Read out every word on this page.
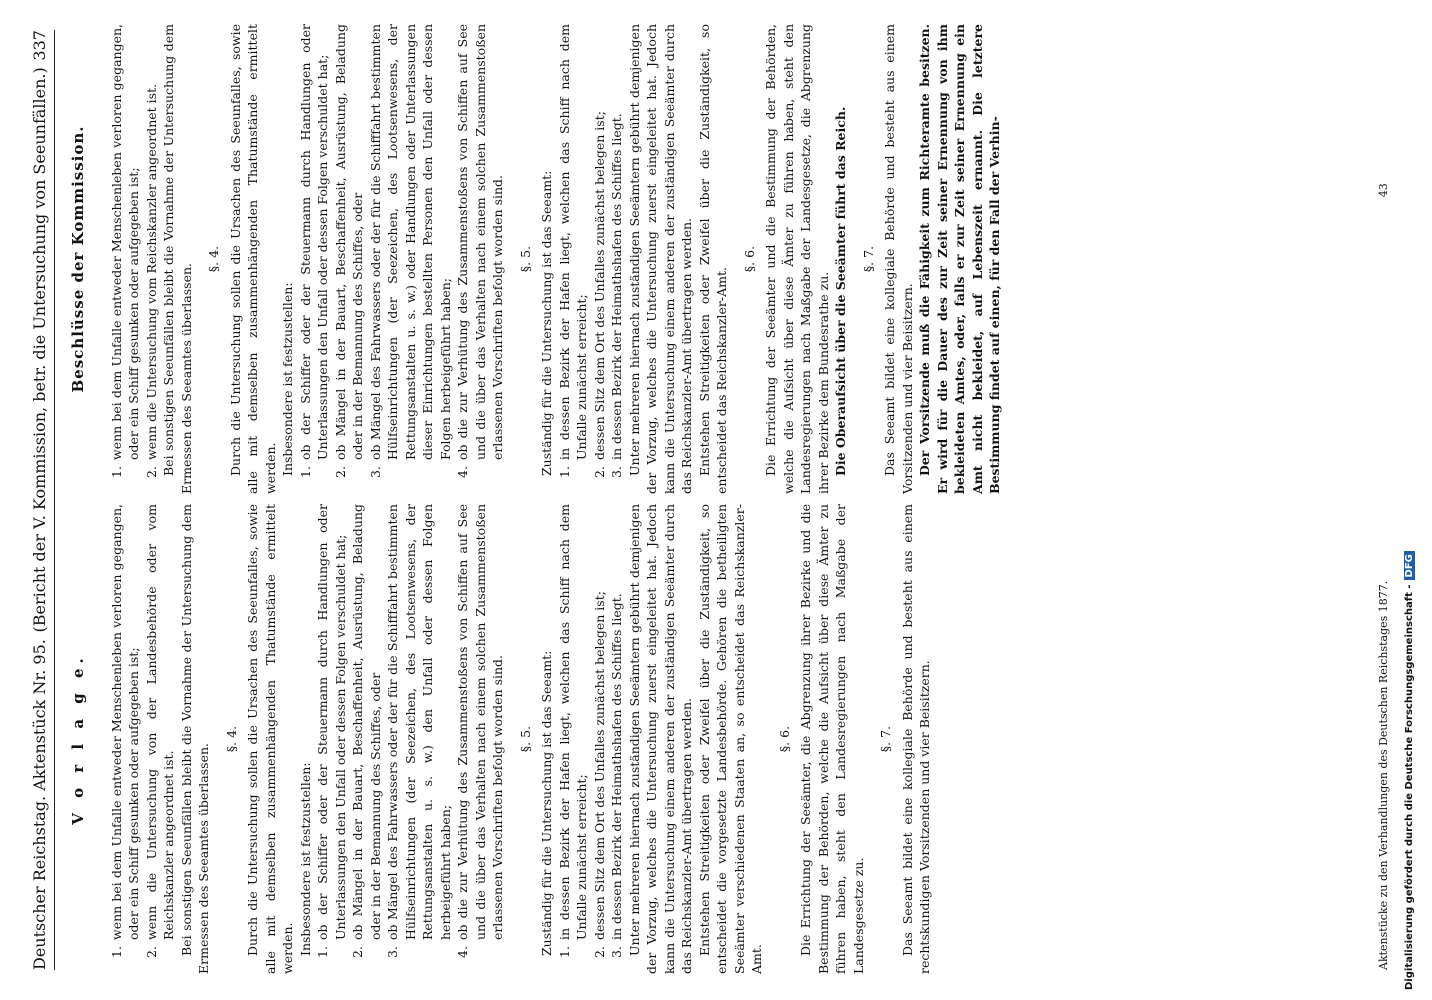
Deutscher Reichstag. Aktenstück Nr. 95.
(Bericht der V. Kommission, betr. die Untersuchung von Seeunfällen.)
337
V o r l a g e.
1.
wenn bei dem Unfalle entweder Menschenleben verloren gegangen, oder ein Schiff gesunken oder aufgegeben ist;
2.
wenn die Untersuchung von der Landesbehörde oder vom Reichskanzler angeordnet ist. Bei sonstigen Seeunfällen bleibt die Vornahme der Untersuchung dem Ermessen des Seeamtes überlassen.

§. 4. Durch die Untersuchung sollen die Ursachen des Seeunfalles, sowie alle mit demselben zusammenhängenden Thatumstände ermittelt werden. Insbesondere ist festzustellen: 1.
ob der Schiffer oder der Steuermann durch Handlungen oder Unterlassungen den Unfall oder dessen Folgen verschuldet hat;
2.
ob Mängel in der Bauart, Beschaffenheit, Ausrüstung, Beladung oder in der Bemannung des Schiffes, oder
3.
ob Mängel des Fahrwassers oder der für die Schifffahrt bestimmten Hülfseinrichtungen (der Seezeichen, des Lootsenwesens, der Rettungsanstalten u. s. w.) den Unfall oder dessen Folgen herbeigeführt haben;
4.
ob die zur Verhütung des Zusammenstoßens von Schiffen auf See und die über das Verhalten nach einem solchen Zusammenstoßen erlassenen Vorschriften befolgt worden sind. §. 5. Zuständig für die Untersuchung ist das Seeamt: 1.
in dessen Bezirk der Hafen liegt, welchen das Schiff nach dem Unfalle zunächst erreicht;
2.
dessen Sitz dem Ort des Unfalles zunächst belegen ist;
3.
in dessen Bezirk der Heimathshafen des Schiffes liegt. Unter mehreren hiernach zuständigen Seeämtern gebührt demjenigen der Vorzug, welches die Untersuchung zuerst eingeleitet hat. Jedoch kann die Untersuchung einem anderen der zuständigen Seeämter durch das Reichskanzler-Amt übertragen werden. Entstehen Streitigkeiten oder Zweifel über die Zuständigkeit, so entscheidet die vorgesetzte Landesbehörde. Gehören die betheiligten Seeämter verschiedenen Staaten an, so entscheidet das Reichskanzler-Amt.

§. 6. Die Errichtung der Seeämter, die Abgrenzung ihrer Bezirke und die Bestimmung der Behörden, welche die Aufsicht über diese Ämter zu führen haben, steht den Landesregierungen nach Maßgabe der Landesgesetze zu.

§. 7. Das Seeamt bildet eine kollegiale Behörde und besteht aus einem rechtskundigen Vorsitzenden und vier Beisitzern.

Beschlüsse der Kommission.
1.
wenn bei dem Unfalle entweder Menschenleben verloren gegangen, oder ein Schiff gesunken oder aufgegeben ist;
2.
wenn die Untersuchung vom Reichskanzler angeordnet ist. Bei sonstigen Seeunfällen bleibt die Vornahme der Untersuchung dem Ermessen des Seeamtes überlassen.

§. 4. Durch die Untersuchung sollen die Ursachen des Seeunfalles, sowie alle mit demselben zusammenhängenden Thatumstände ermittelt werden. Insbesondere ist festzustellen: 1.
ob der Schiffer oder der Steuermann durch Handlungen oder Unterlassungen den Unfall oder dessen Folgen verschuldet hat;
2.
ob Mängel in der Bauart, Beschaffenheit, Ausrüstung, Beladung oder in der Bemannung des Schiffes, oder
3.
ob Mängel des Fahrwassers oder der für die Schifffahrt bestimmten Hülfseinrichtungen (der Seezeichen, des Lootsenwesens, der Rettungsanstalten u. s. w.) oder Handlungen oder Unterlassungen dieser Einrichtungen bestellten Personen den Unfall oder dessen Folgen herbeigeführt haben;
4.
ob die zur Verhütung des Zusammenstoßens von Schiffen auf See und die über das Verhalten nach einem solchen Zusammenstoßen erlassenen Vorschriften befolgt worden sind. §. 5. Zuständig für die Untersuchung ist das Seeamt: 1.
in dessen Bezirk der Hafen liegt, welchen das Schiff nach dem Unfalle zunächst erreicht;
2.
dessen Sitz dem Ort des Unfalles zunächst belegen ist;
3.
in dessen Bezirk der Heimathshafen des Schiffes liegt. Unter mehreren hiernach zuständigen Seeämtern gebührt demjenigen der Vorzug, welches die Untersuchung zuerst eingeleitet hat. Jedoch kann die Untersuchung einem anderen der zuständigen Seeämter durch das Reichskanzler-Amt übertragen werden. Entstehen Streitigkeiten oder Zweifel über die Zuständigkeit, so entscheidet das Reichskanzler-Amt.

§. 6. Die Errichtung der Seeämter und die Bestimmung der Behörden, welche die Aufsicht über diese Ämter zu führen haben, steht den Landesregierungen nach Maßgabe der Landesgesetze, die Abgrenzung ihrer Bezirke dem Bundesrathe zu. Die Oberaufsicht über die Seeämter führt das Reich. §. 7. Das Seeamt bildet eine kollegiale Behörde und besteht aus einem Vorsitzenden und vier Beisitzern. Der Vorsitzende muß die Fähigkeit zum Richteramte besitzen. Er wird für die Dauer des zur Zeit seiner Ernennung von ihm bekleideten Amtes, oder, falls er zur Zeit seiner Ernennung ein Amt nicht bekleidet, auf Lebenszeit ernannt. Die letztere Bestimmung findet auf einen, für den Fall der Verhin-

Aktenstücke zu den Verhandlungen des Deutschen Reichstages 1877. 43
Digitalisierung gefördert durch die Deutsche Forschungsgemeinschaft -DFG
